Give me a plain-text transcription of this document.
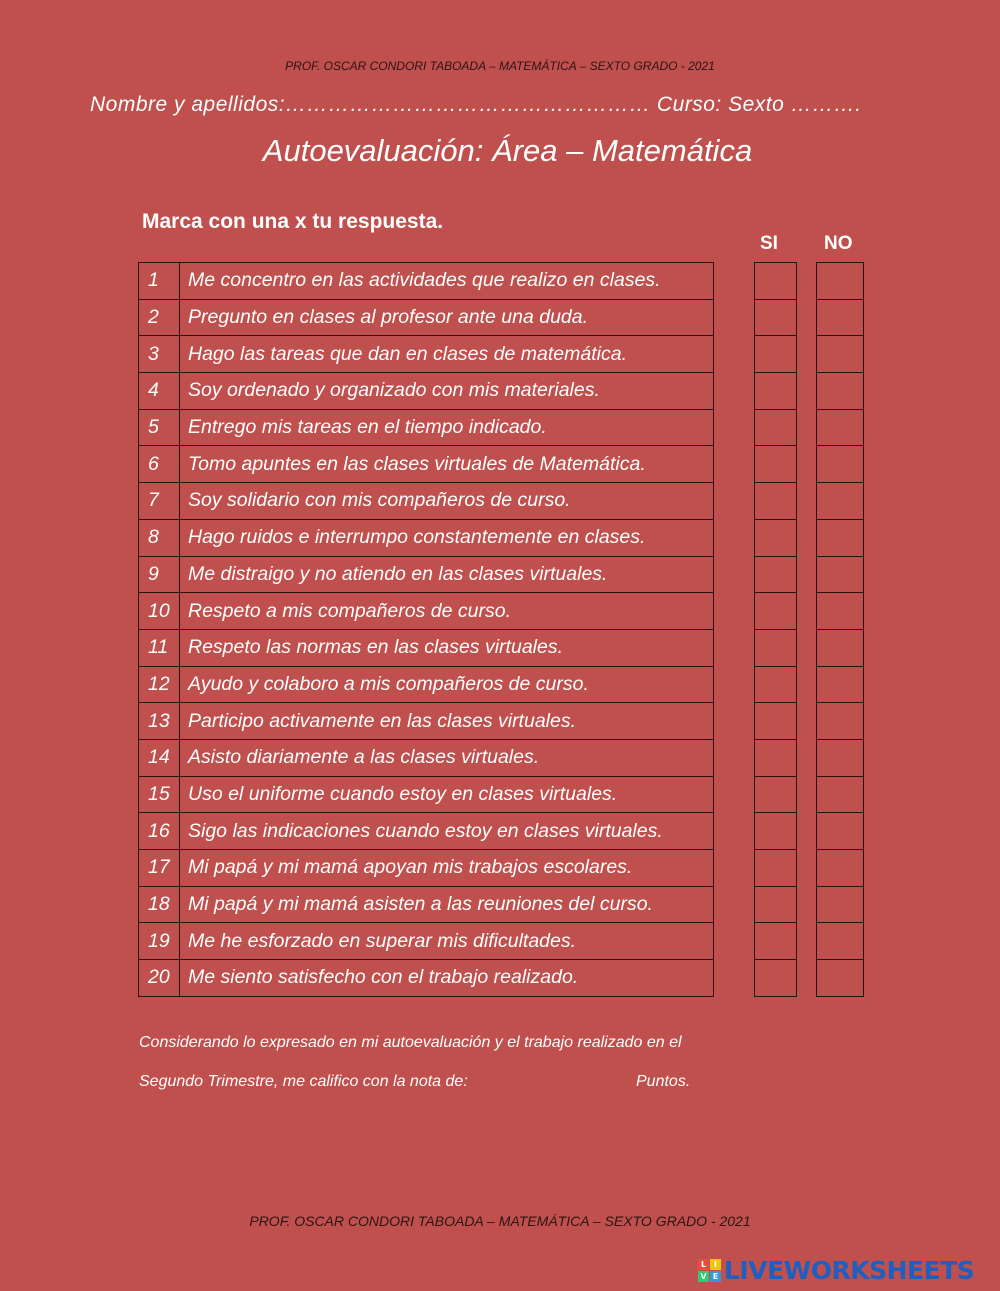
PROF. OSCAR CONDORI TABOADA – MATEMÁTICA – SEXTO GRADO - 2021
Nombre y apellidos:…………………………………………… Curso: Sexto ……….
Autoevaluación: Área – Matemática
Marca con una x tu respuesta.
SI NO
1	Me concentro en las actividades que realizo en clases.
2	Pregunto en clases al profesor ante una duda.
3	Hago las tareas que dan en clases de matemática.
4	Soy ordenado y organizado con mis materiales.
5	Entrego mis tareas en el tiempo indicado.
6	Tomo apuntes en las clases virtuales de Matemática.
7	Soy solidario con mis compañeros de curso.
8	Hago ruidos e interrumpo constantemente en clases.
9	Me distraigo y no atiendo en las clases virtuales.
10	Respeto a mis compañeros de curso.
11	Respeto las normas en las clases virtuales.
12	Ayudo y colaboro a mis compañeros de curso.
13	Participo activamente en las clases virtuales.
14	Asisto diariamente a las clases virtuales.
15	Uso el uniforme cuando estoy en clases virtuales.
16	Sigo las indicaciones cuando estoy en clases virtuales.
17	Mi papá y mi mamá apoyan mis trabajos escolares.
18	Mi papá y mi mamá asisten a las reuniones del curso.
19	Me he esforzado en superar mis dificultades.
20	Me siento satisfecho con el trabajo realizado.

Considerando lo expresado en mi autoevaluación y el trabajo realizado en el
Segundo Trimestre, me califico con la nota de:	Puntos.
PROF. OSCAR CONDORI TABOADA – MATEMÁTICA – SEXTO GRADO - 2021
L I
V E LIVEWORKSHEETS
